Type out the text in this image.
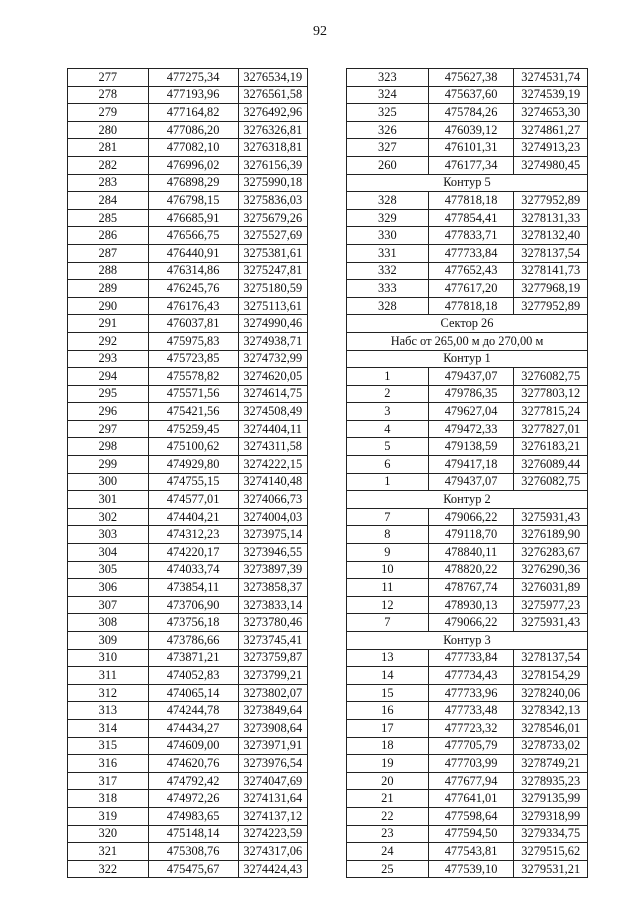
92
277	477275,34	3276534,19
278	477193,96	3276561,58
279	477164,82	3276492,96
280	477086,20	3276326,81
281	477082,10	3276318,81
282	476996,02	3276156,39
283	476898,29	3275990,18
284	476798,15	3275836,03
285	476685,91	3275679,26
286	476566,75	3275527,69
287	476440,91	3275381,61
288	476314,86	3275247,81
289	476245,76	3275180,59
290	476176,43	3275113,61
291	476037,81	3274990,46
292	475975,83	3274938,71
293	475723,85	3274732,99
294	475578,82	3274620,05
295	475571,56	3274614,75
296	475421,56	3274508,49
297	475259,45	3274404,11
298	475100,62	3274311,58
299	474929,80	3274222,15
300	474755,15	3274140,48
301	474577,01	3274066,73
302	474404,21	3274004,03
303	474312,23	3273975,14
304	474220,17	3273946,55
305	474033,74	3273897,39
306	473854,11	3273858,37
307	473706,90	3273833,14
308	473756,18	3273780,46
309	473786,66	3273745,41
310	473871,21	3273759,87
311	474052,83	3273799,21
312	474065,14	3273802,07
313	474244,78	3273849,64
314	474434,27	3273908,64
315	474609,00	3273971,91
316	474620,76	3273976,54
317	474792,42	3274047,69
318	474972,26	3274131,64
319	474983,65	3274137,12
320	475148,14	3274223,59
321	475308,76	3274317,06
322	475475,67	3274424,43
323	475627,38	3274531,74
324	475637,60	3274539,19
325	475784,26	3274653,30
326	476039,12	3274861,27
327	476101,31	3274913,23
260	476177,34	3274980,45
Контур 5		
328	477818,18	3277952,89
329	477854,41	3278131,33
330	477833,71	3278132,40
331	477733,84	3278137,54
332	477652,43	3278141,73
333	477617,20	3277968,19
328	477818,18	3277952,89
Сектор 26		
Набс от 265,00 м до 270,00 м		
Контур 1		
1	479437,07	3276082,75
2	479786,35	3277803,12
3	479627,04	3277815,24
4	479472,33	3277827,01
5	479138,59	3276183,21
6	479417,18	3276089,44
1	479437,07	3276082,75
Контур 2		
7	479066,22	3275931,43
8	479118,70	3276189,90
9	478840,11	3276283,67
10	478820,22	3276290,36
11	478767,74	3276031,89
12	478930,13	3275977,23
7	479066,22	3275931,43
Контур 3		
13	477733,84	3278137,54
14	477734,43	3278154,29
15	477733,96	3278240,06
16	477733,48	3278342,13
17	477723,32	3278546,01
18	477705,79	3278733,02
19	477703,99	3278749,21
20	477677,94	3278935,23
21	477641,01	3279135,99
22	477598,64	3279318,99
23	477594,50	3279334,75
24	477543,81	3279515,62
25	477539,10	3279531,21
